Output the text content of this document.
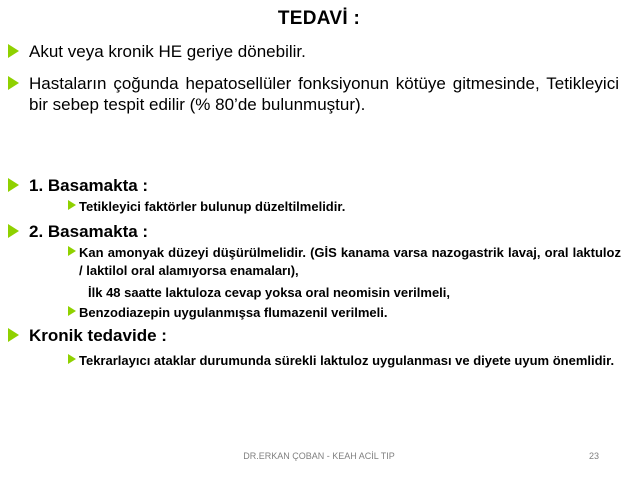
TEDAVİ :
Akut veya kronik HE geriye dönebilir.
Hastaların çoğunda hepatosellüler fonksiyonun kötüye gitmesinde, Tetikleyici bir sebep tespit edilir (% 80’de bulunmuştur).
1. Basamakta :
Tetikleyici faktörler bulunup düzeltilmelidir.
2. Basamakta :
Kan amonyak düzeyi düşürülmelidir. (GİS kanama varsa nazogastrik lavaj, oral laktuloz / laktilol oral alamıyorsa enamaları),
İlk 48 saatte laktuloza cevap yoksa oral neomisin verilmeli,
Benzodiazepin uygulanmışsa flumazenil verilmeli.
Kronik tedavide :
Tekrarlayıcı ataklar durumunda sürekli laktuloz uygulanması ve diyete uyum önemlidir.
DR.ERKAN ÇOBAN - KEAH ACİL TIP	23
